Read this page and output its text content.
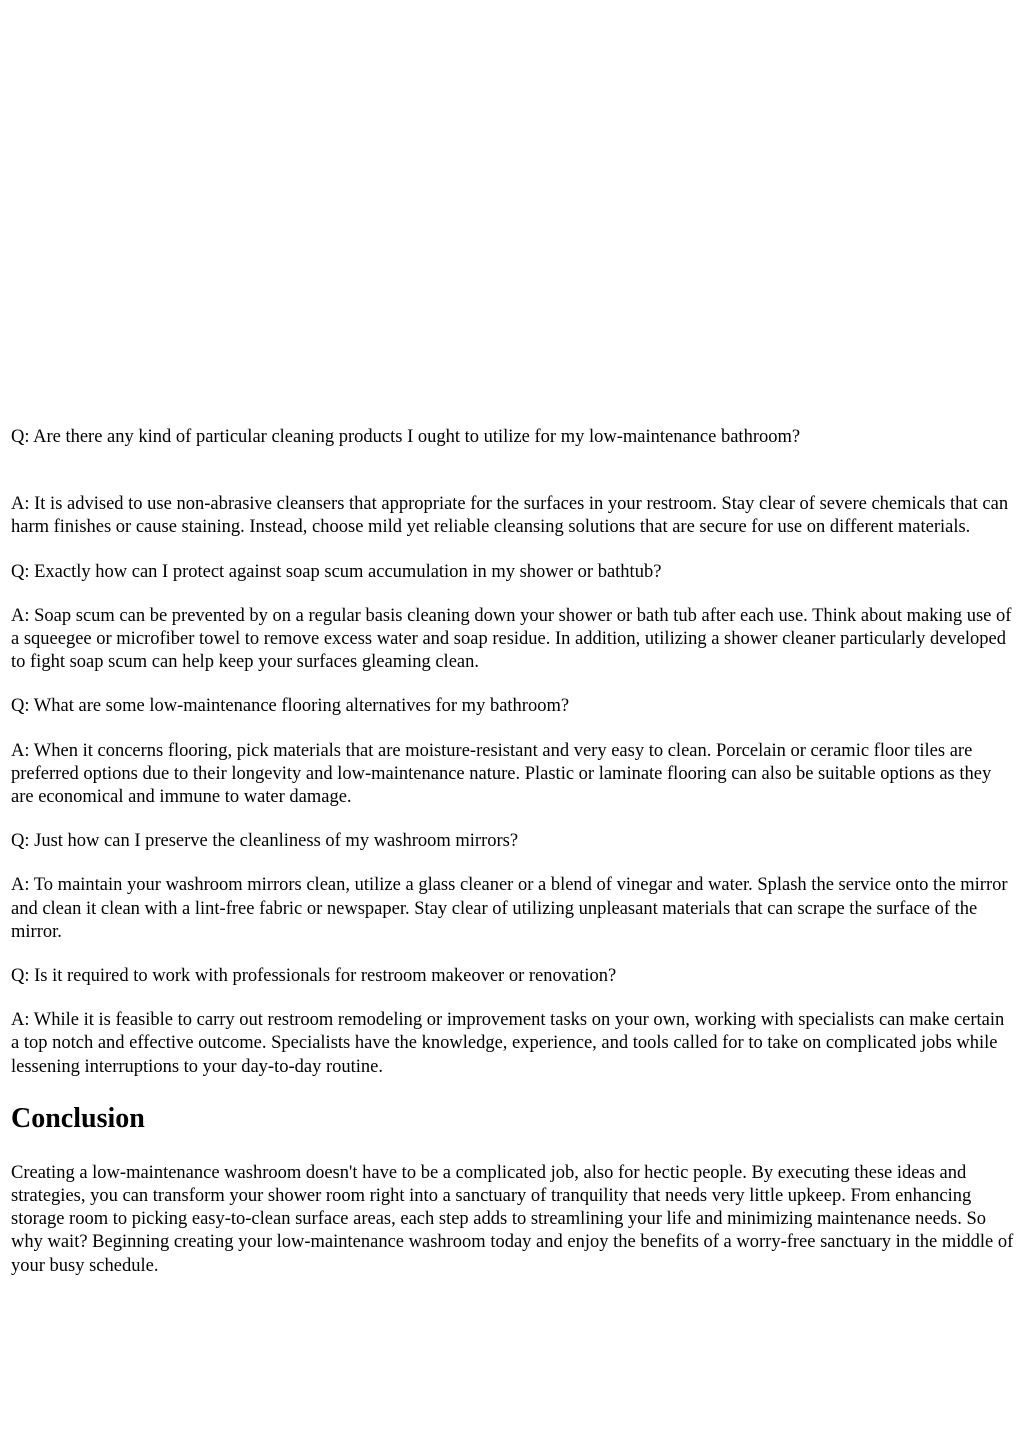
Q: Are there any kind of particular cleaning products I ought to utilize for my low-maintenance bathroom?

A: It is advised to use non-abrasive cleansers that appropriate for the surfaces in your restroom. Stay clear of severe chemicals that can harm finishes or cause staining. Instead, choose mild yet reliable cleansing solutions that are secure for use on different materials.

Q: Exactly how can I protect against soap scum accumulation in my shower or bathtub?

A: Soap scum can be prevented by on a regular basis cleaning down your shower or bath tub after each use. Think about making use of a squeegee or microfiber towel to remove excess water and soap residue. In addition, utilizing a shower cleaner particularly developed to fight soap scum can help keep your surfaces gleaming clean.

Q: What are some low-maintenance flooring alternatives for my bathroom?

A: When it concerns flooring, pick materials that are moisture-resistant and very easy to clean. Porcelain or ceramic floor tiles are preferred options due to their longevity and low-maintenance nature. Plastic or laminate flooring can also be suitable options as they are economical and immune to water damage.

Q: Just how can I preserve the cleanliness of my washroom mirrors?

A: To maintain your washroom mirrors clean, utilize a glass cleaner or a blend of vinegar and water. Splash the service onto the mirror and clean it clean with a lint-free fabric or newspaper. Stay clear of utilizing unpleasant materials that can scrape the surface of the mirror.

Q: Is it required to work with professionals for restroom makeover or renovation?

A: While it is feasible to carry out restroom remodeling or improvement tasks on your own, working with specialists can make certain a top notch and effective outcome. Specialists have the knowledge, experience, and tools called for to take on complicated jobs while lessening interruptions to your day-to-day routine.

Conclusion

Creating a low-maintenance washroom doesn't have to be a complicated job, also for hectic people. By executing these ideas and strategies, you can transform your shower room right into a sanctuary of tranquility that needs very little upkeep. From enhancing storage room to picking easy-to-clean surface areas, each step adds to streamlining your life and minimizing maintenance needs. So why wait? Beginning creating your low-maintenance washroom today and enjoy the benefits of a worry-free sanctuary in the middle of your busy schedule.
